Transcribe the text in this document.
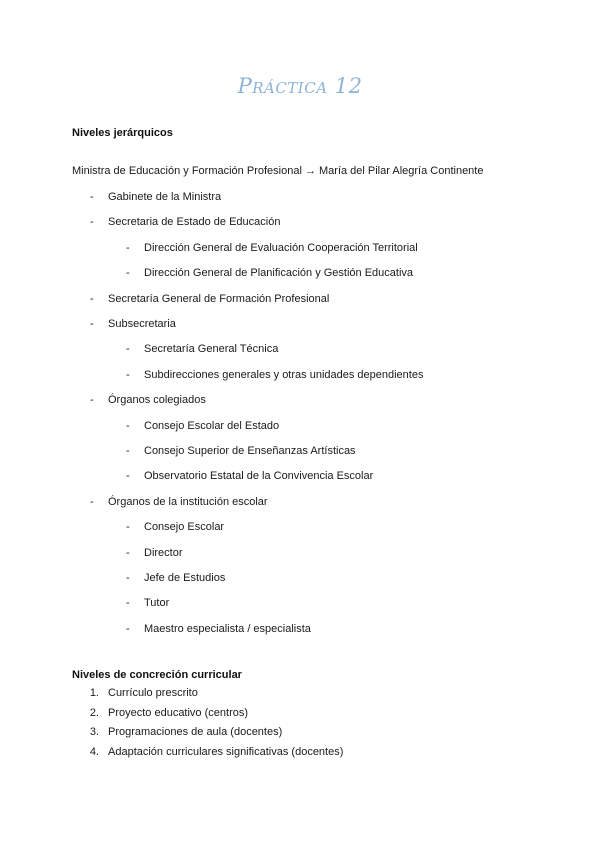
Práctica 12
Niveles jerárquicos
Ministra de Educación y Formación Profesional → María del Pilar Alegría Continente
- Gabinete de la Ministra
- Secretaria de Estado de Educación
- Dirección General de Evaluación Cooperación Territorial
- Dirección General de Planificación y Gestión Educativa
- Secretaría General de Formación Profesional
- Subsecretaria
- Secretaría General Técnica
- Subdirecciones generales y otras unidades dependientes
- Órganos colegiados
- Consejo Escolar del Estado
- Consejo Superior de Enseñanzas Artísticas
- Observatorio Estatal de la Convivencia Escolar
- Órganos de la institución escolar
- Consejo Escolar
- Director
- Jefe de Estudios
- Tutor
- Maestro especialista / especialista
Niveles de concreción curricular
1. Currículo prescrito
2. Proyecto educativo (centros)
3. Programaciones de aula (docentes)
4. Adaptación curriculares significativas (docentes)
